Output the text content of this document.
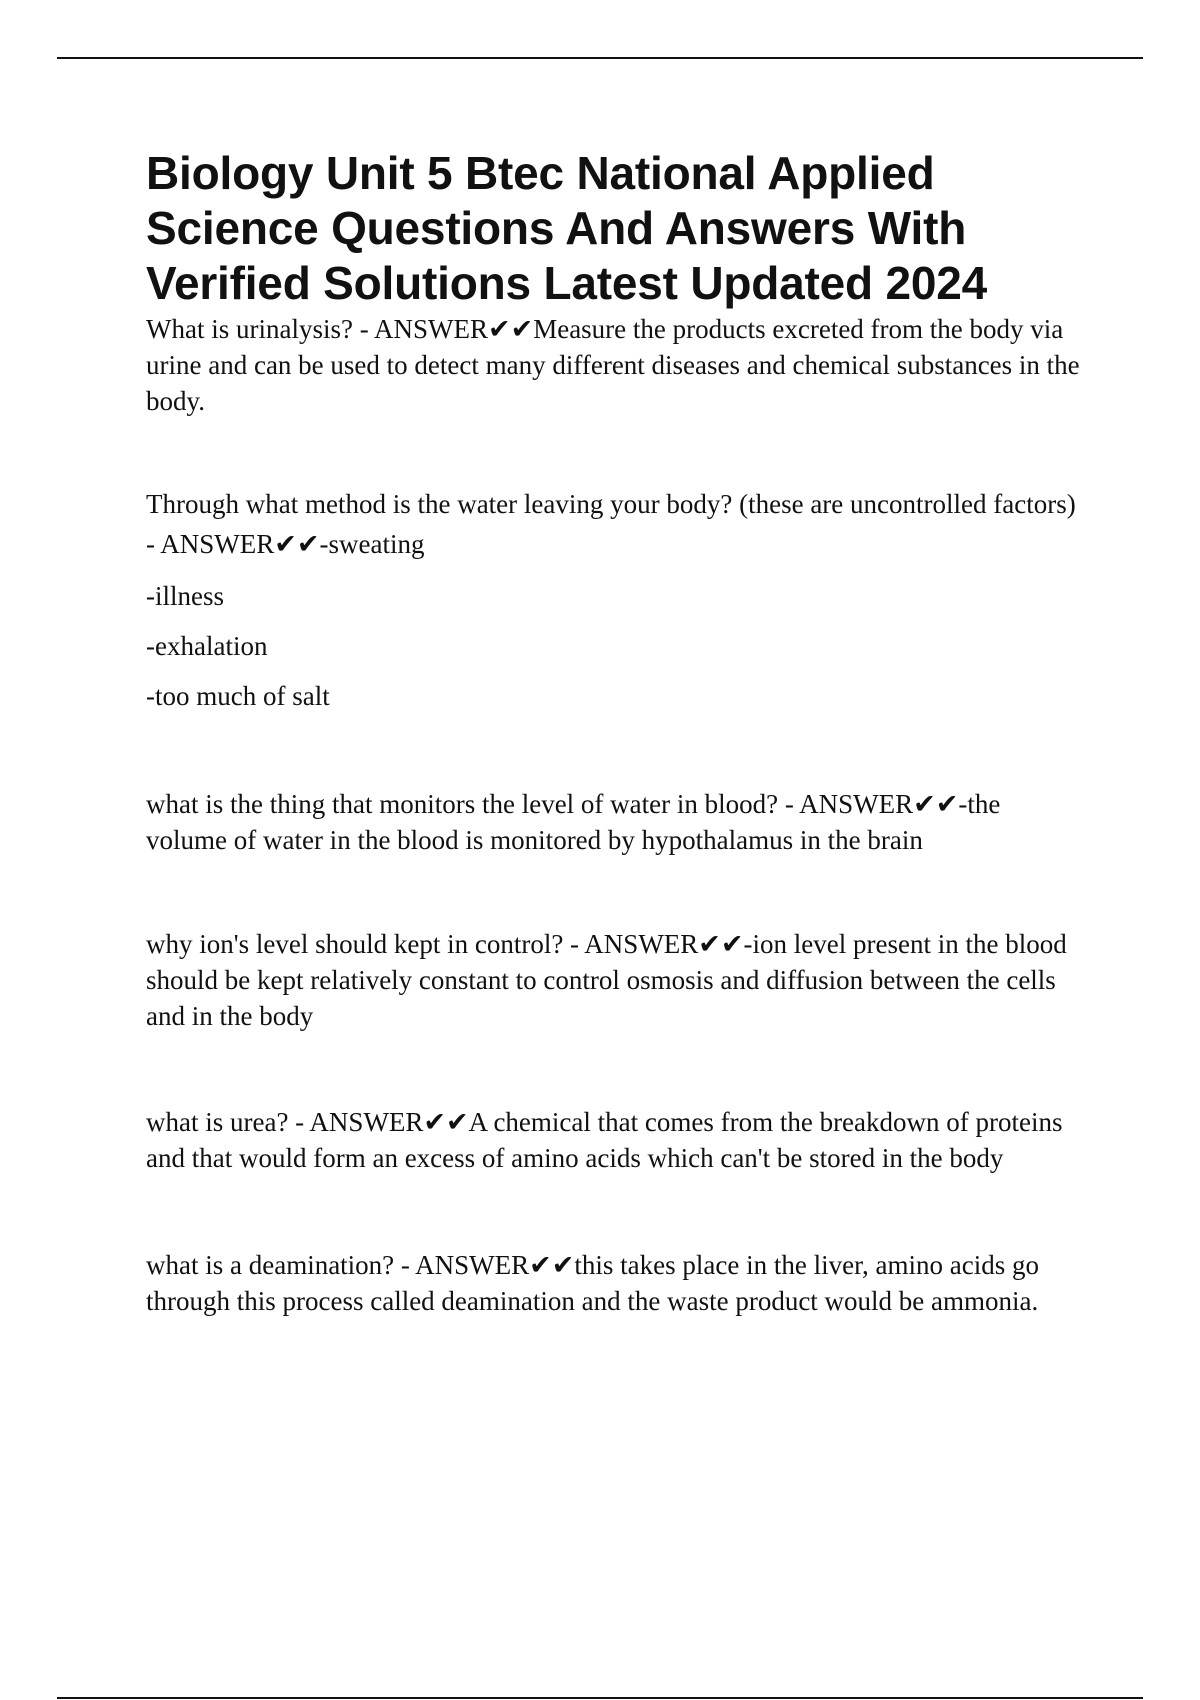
Biology Unit 5 Btec National Applied Science Questions And Answers With Verified Solutions Latest Updated 2024

What is urinalysis? - ANSWER✔✔Measure the products excreted from the body via urine and can be used to detect many different diseases and chemical substances in the body.

Through what method is the water leaving your body? (these are uncontrolled factors) - ANSWER✔✔-sweating

-illness

-exhalation

-too much of salt

what is the thing that monitors the level of water in blood? - ANSWER✔✔-the volume of water in the blood is monitored by hypothalamus in the brain

why ion's level should kept in control? - ANSWER✔✔-ion level present in the blood should be kept relatively constant to control osmosis and diffusion between the cells and in the body

what is urea? - ANSWER✔✔A chemical that comes from the breakdown of proteins and that would form an excess of amino acids which can't be stored in the body

what is a deamination? - ANSWER✔✔this takes place in the liver, amino acids go through this process called deamination and the waste product would be ammonia.
